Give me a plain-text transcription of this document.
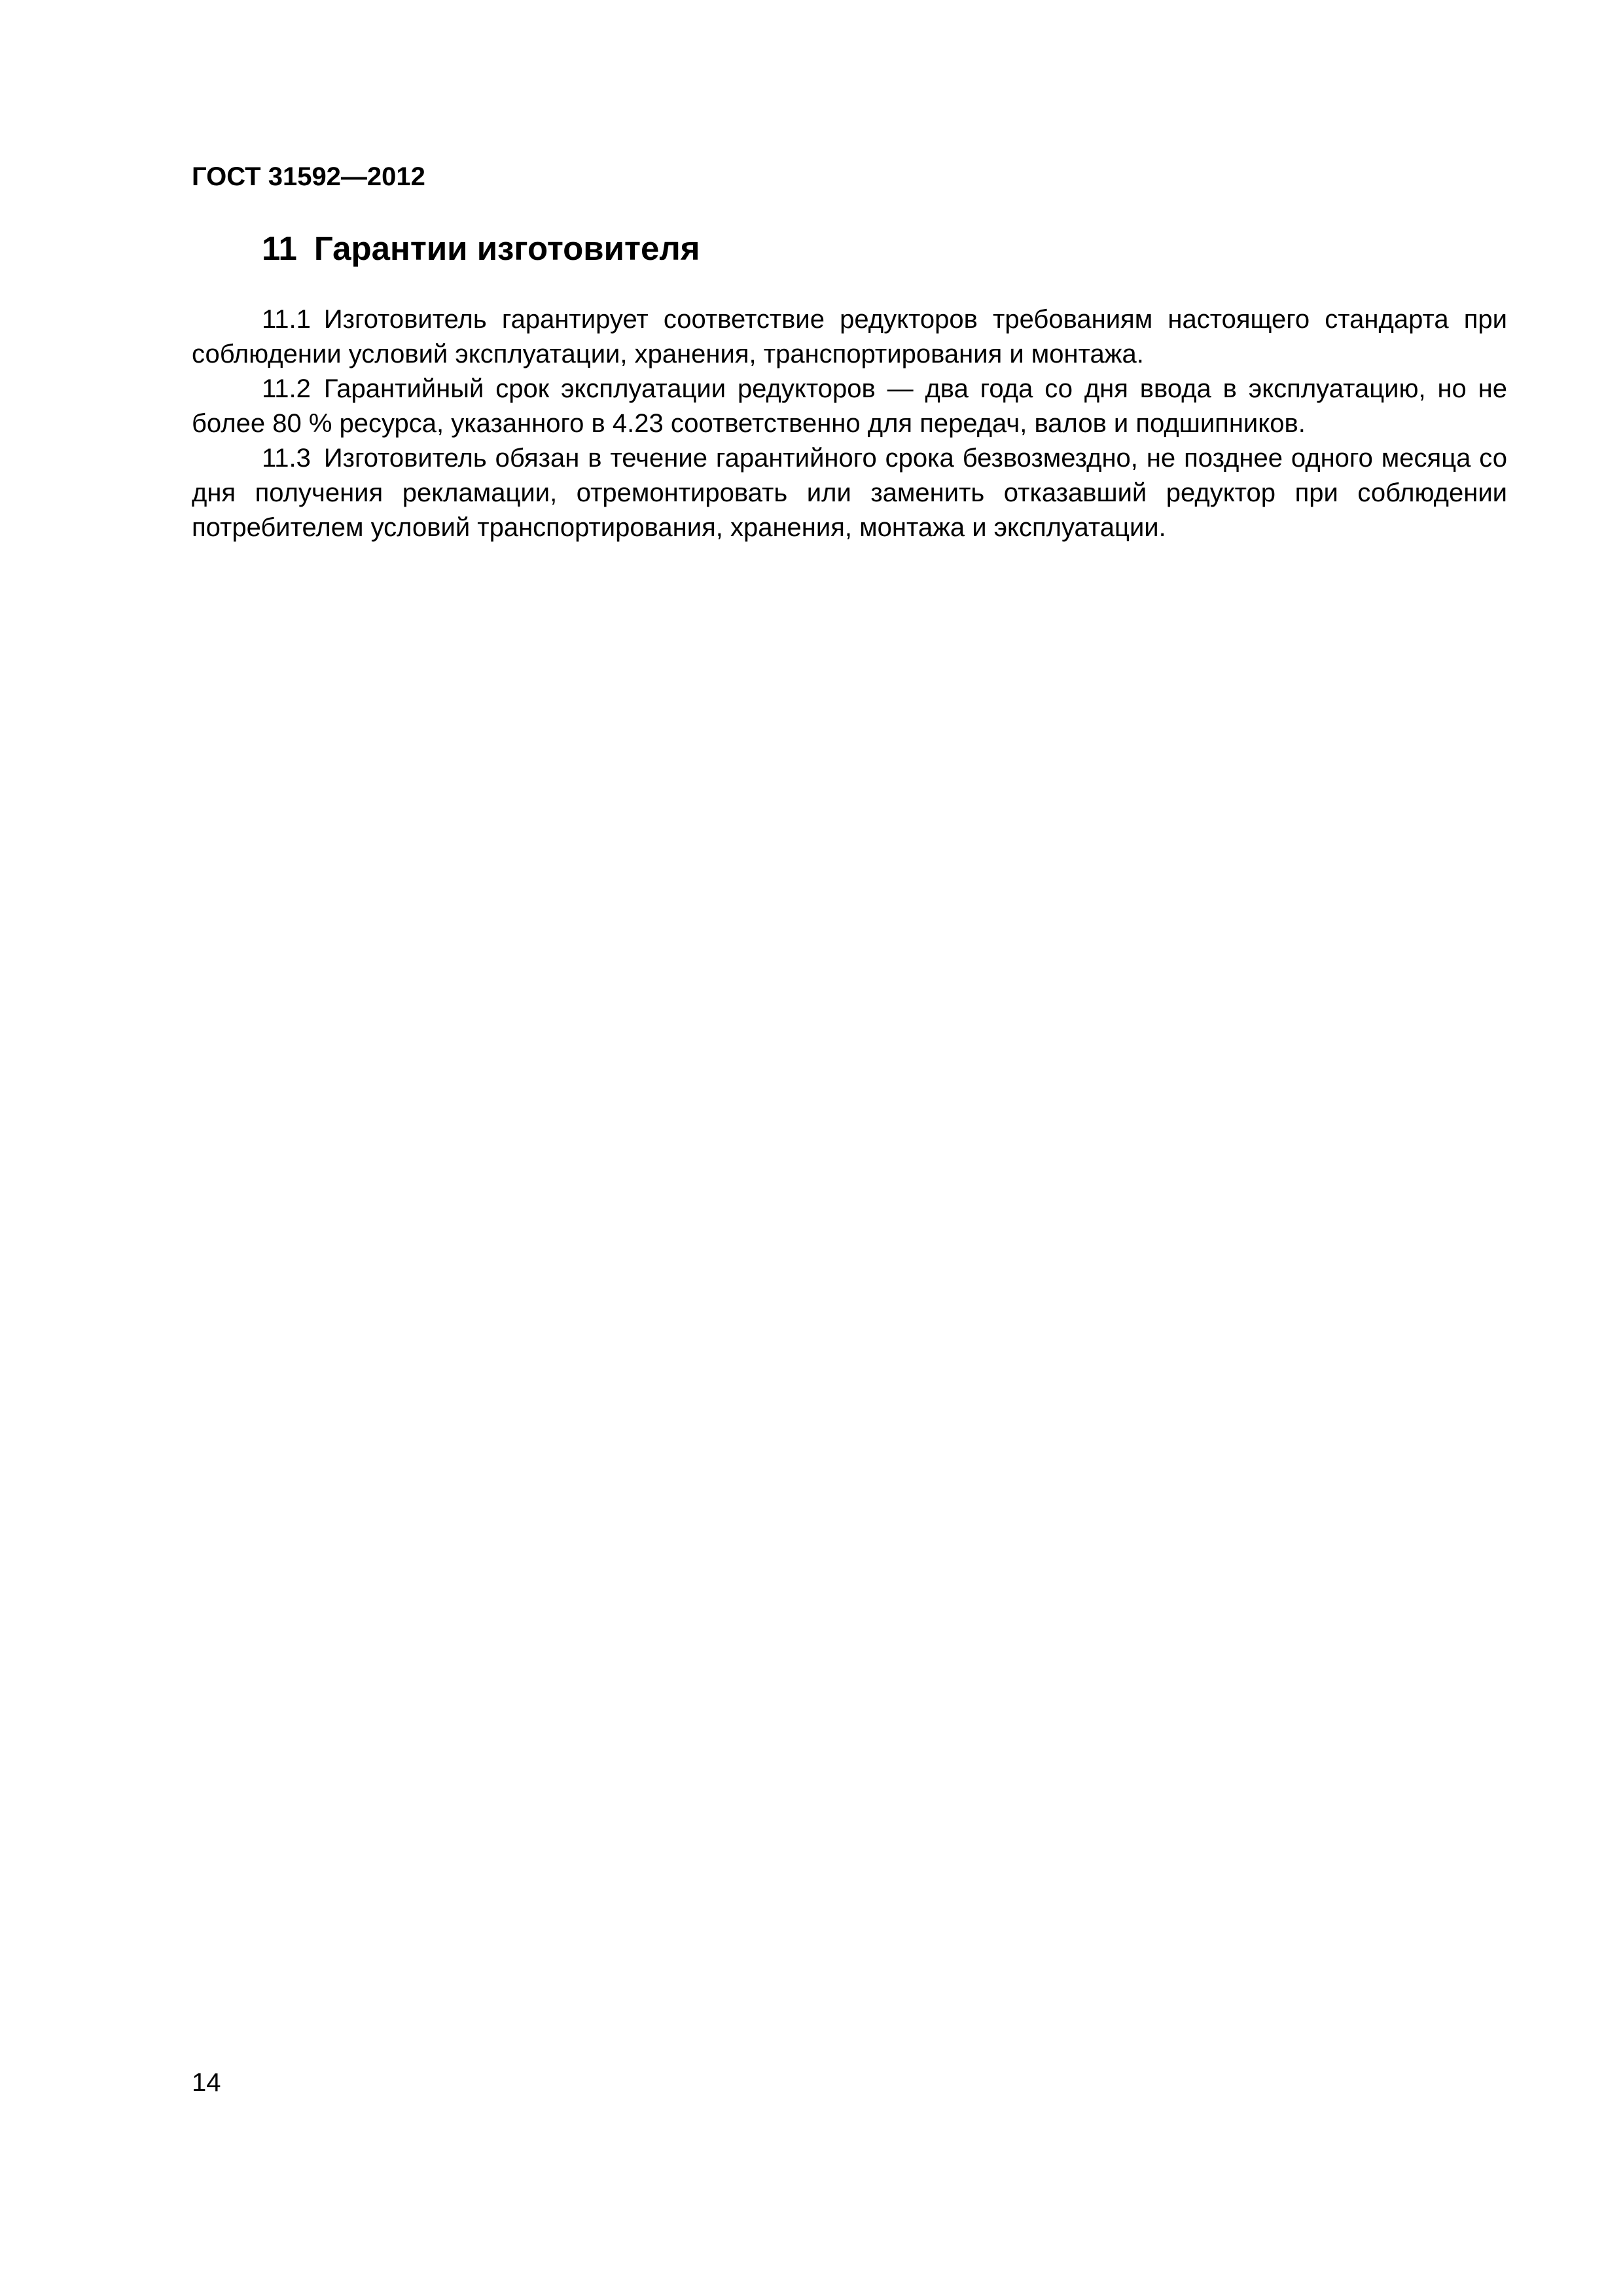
ГОСТ 31592—2012
11 Гарантии изготовителя

11.1 Изготовитель гарантирует соответствие редукторов требованиям настоящего стандарта при соблюдении условий эксплуатации, хранения, транспортирования и монтажа.

11.2 Гарантийный срок эксплуатации редукторов — два года со дня ввода в эксплуатацию, но не более 80 % ресурса, указанного в 4.23 соответственно для передач, валов и подшипников.

11.3 Изготовитель обязан в течение гарантийного срока безвозмездно, не позднее одного месяца со дня получения рекламации, отремонтировать или заменить отказавший редуктор при соблюдении потребителем условий транспортирования, хранения, монтажа и эксплуатации.

14
